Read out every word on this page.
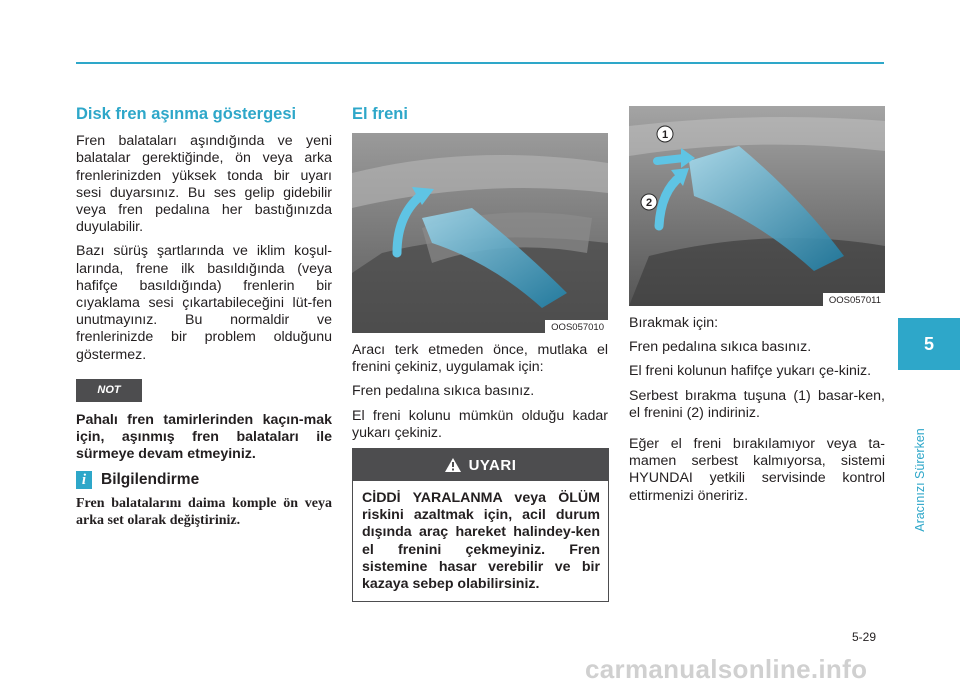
Disk fren aşınma göstergesi

Fren balataları aşındığında ve yeni balatalar gerektiğinde, ön veya arka frenlerinizden yüksek tonda bir uyarı sesi duyarsınız. Bu ses gelip gidebilir veya fren pedalına her bastığınızda duyulabilir.

Bazı sürüş şartlarında ve iklim koşul-larında, frene ilk basıldığında (veya hafifçe basıldığında) frenlerin bir cıyaklama sesi çıkartabileceğini lüt-fen unutmayınız. Bu normaldir ve frenlerinizde bir problem olduğunu göstermez.

NOT

Pahalı fren tamirlerinden kaçın-mak için, aşınmış fren balataları ile sürmeye devam etmeyiniz.

i Bilgilendirme

Fren balatalarını daima komple ön veya arka set olarak değiştiriniz.

El freni
OOS057010

Aracı terk etmeden önce, mutlaka el frenini çekiniz, uygulamak için:

Fren pedalına sıkıca basınız.

El freni kolunu mümkün olduğu kadar yukarı çekiniz.

UYARI
CİDDİ YARALANMA veya ÖLÜM riskini azaltmak için, acil durum dışında araç hareket halindey-ken el frenini çekmeyiniz. Fren sistemine hasar verebilir ve bir kazaya sebep olabilirsiniz.
1
2
OOS057011

Bırakmak için:

Fren pedalına sıkıca basınız.

El freni kolunun hafifçe yukarı çe-kiniz.

Serbest bırakma tuşuna (1) basar-ken, el frenini (2) indiriniz.

Eğer el freni bırakılamıyor veya ta-mamen serbest kalmıyorsa, sistemi HYUNDAI yetkili servisinde kontrol ettirmenizi öneririz.

5
Aracınızı Sürerken
5-29
carmanualsonline.info
